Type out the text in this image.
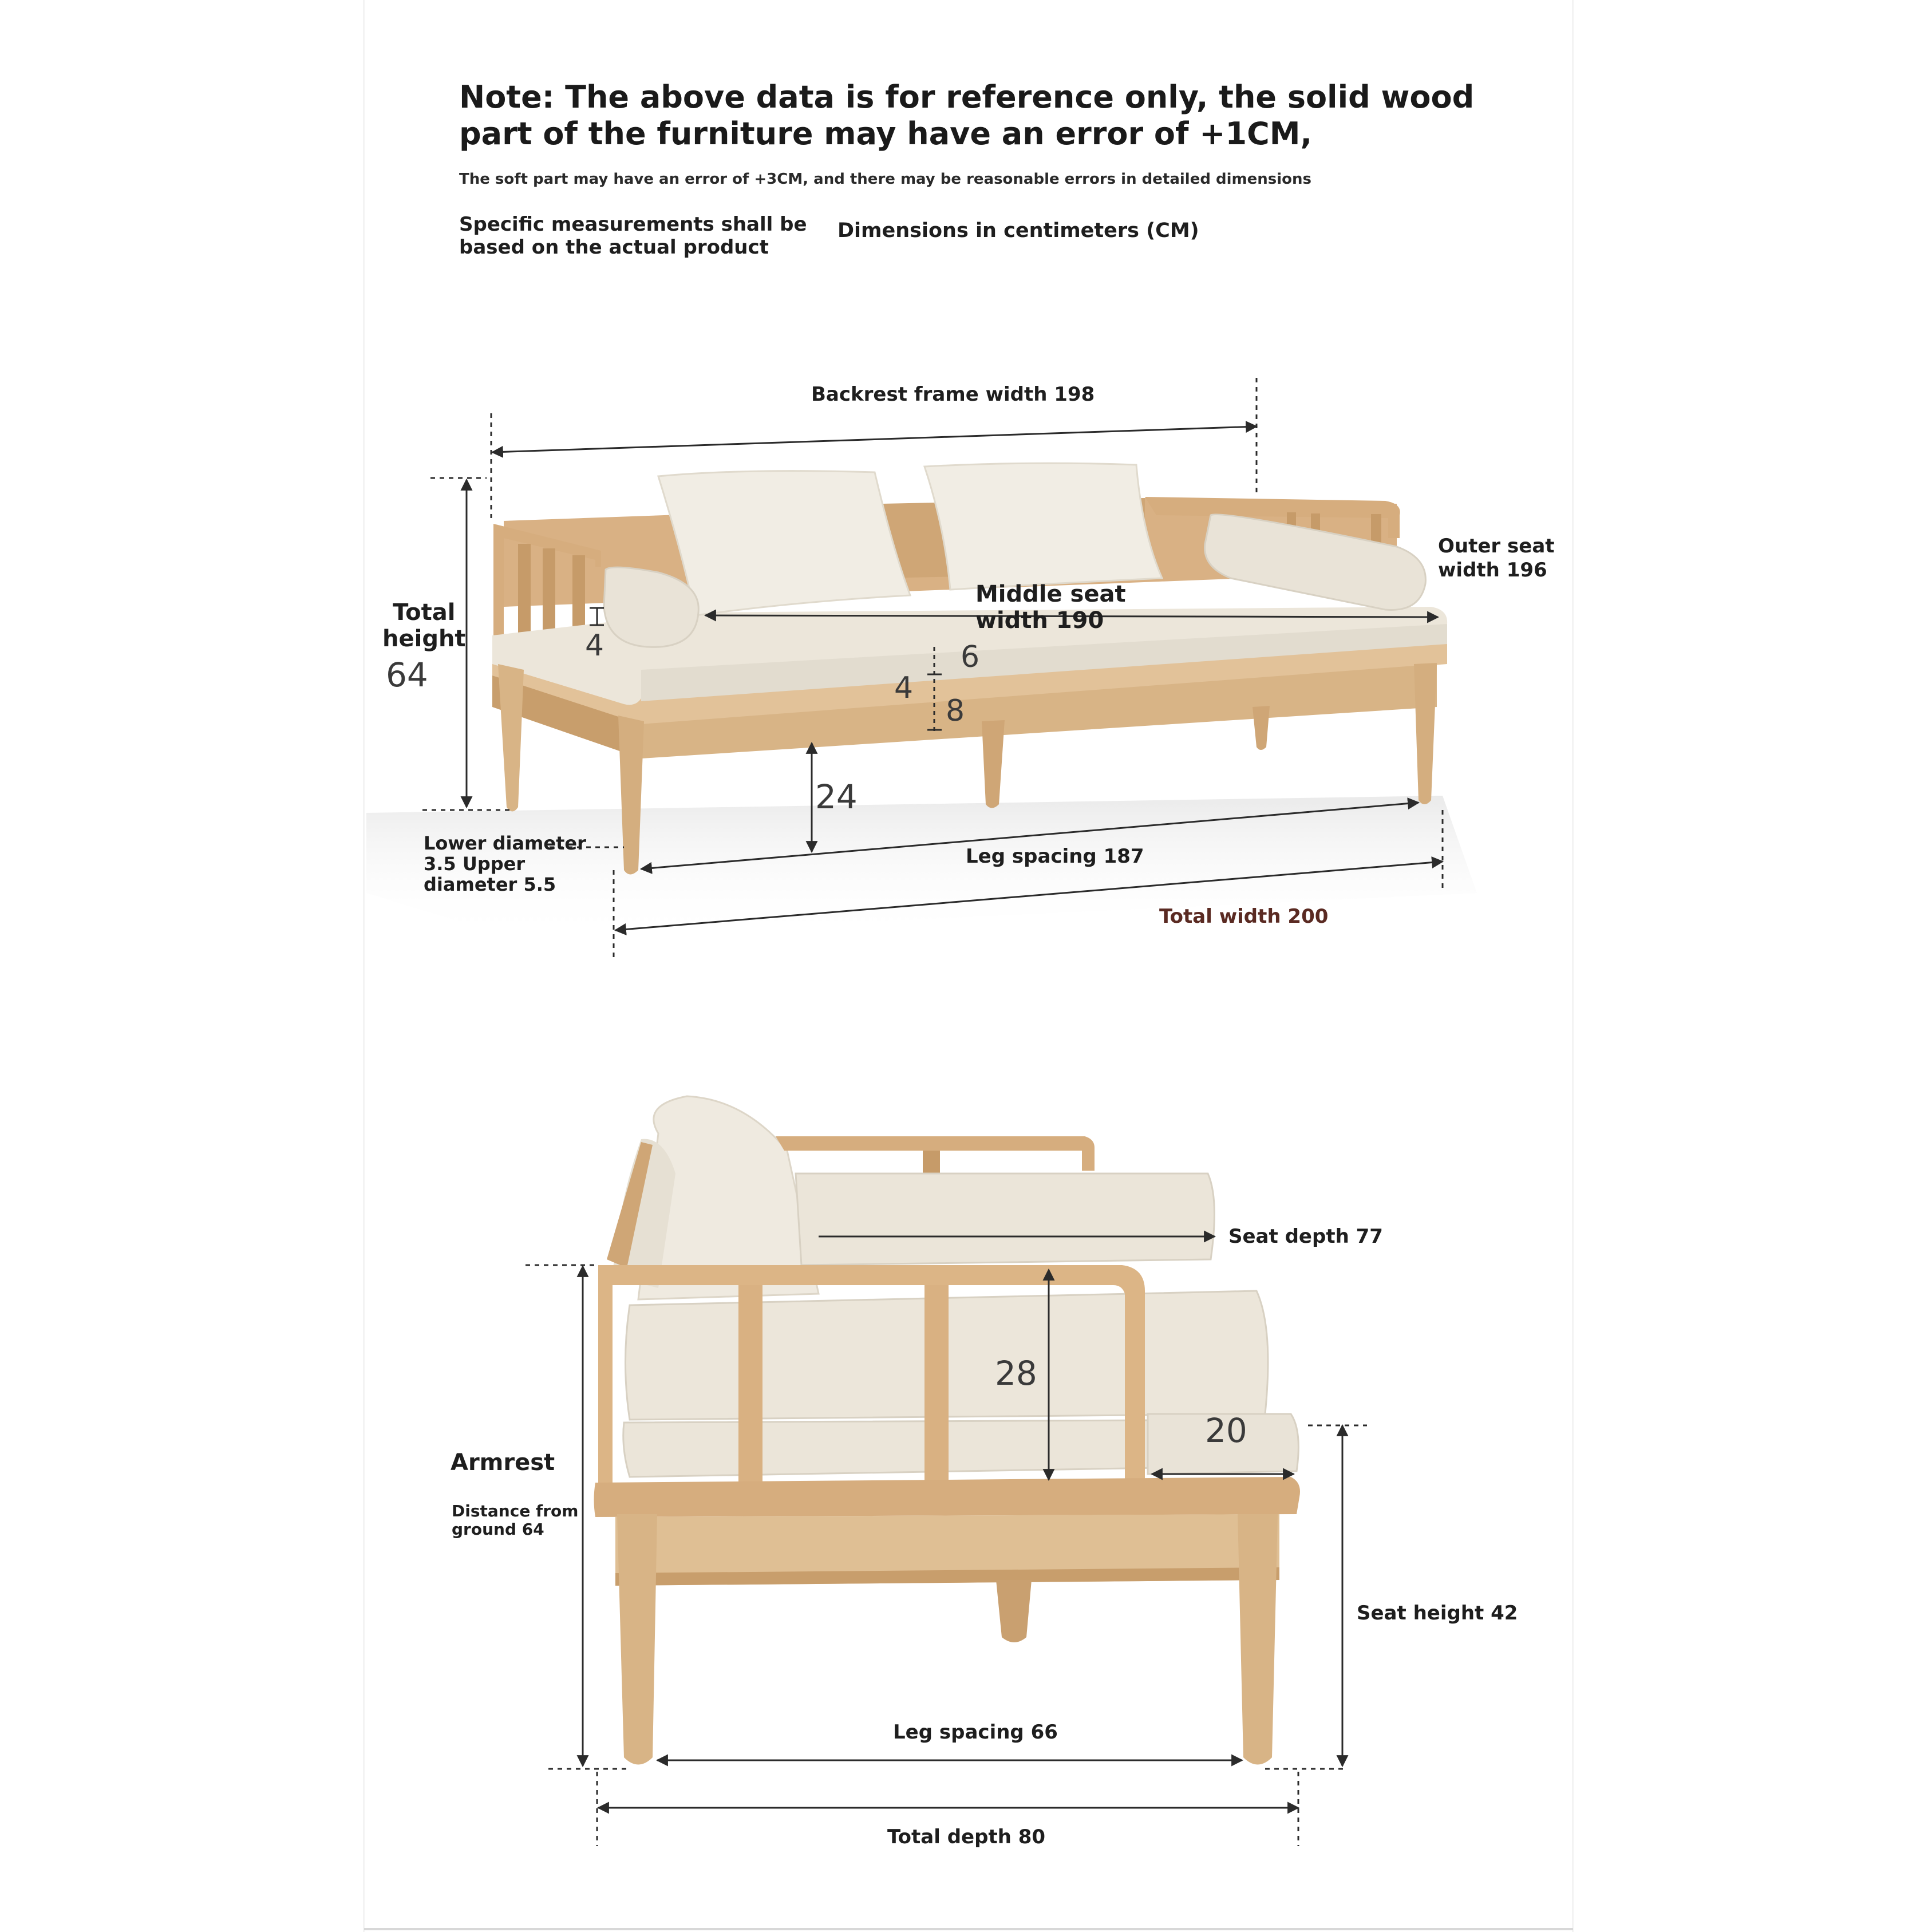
Note: The above data is for reference only, the solid wood part of the furniture may have an error of +1CM,
The soft part may have an error of +3CM, and there may be reasonable errors in detailed dimensions
Specific measurements shall be
based on the actual product
Dimensions in centimeters (CM)
Backrest frame width 198
Outer seat
width 196
Middle seat
width 190
Total
height
64
4	6
4
8
24
Lower diameter
3.5 Upper
diameter 5.5
Leg spacing 187
Total width 200
Seat depth 77
28
20
Armrest
Distance from
ground 64
Seat height 42
Leg spacing 66
Total depth 80
